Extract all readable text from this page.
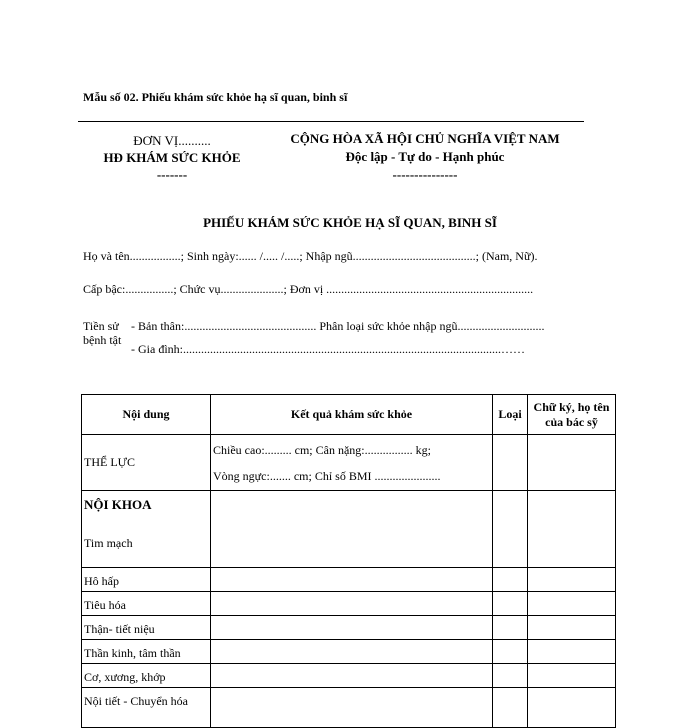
Mẫu số 02. Phiếu khám sức khỏe hạ sĩ quan, binh sĩ
ĐƠN VỊ..........
HĐ KHÁM SỨC KHỎE
-------
CỘNG HÒA XÃ HỘI CHỦ NGHĨA VIỆT NAM
Độc lập - Tự do - Hạnh phúc
---------------
PHIẾU KHÁM SỨC KHỎE HẠ SĨ QUAN, BINH SĨ
Họ và tên.................; Sinh ngày:...... /..... /.....; Nhập ngũ.........................................; (Nam, Nữ).
Cấp bậc:................; Chức vụ.....................; Đơn vị .....................................................................
Tiền sử
bệnh tật
- Bản thân:............................................ Phân loại sức khỏe nhập ngũ.............................
- Gia đình:..........................................................................................................……
Nội dung	Kết quả khám sức khỏe	Loại	Chữ ký, họ tên của bác sỹ
THỂ LỰC	Chiều cao:......... cm; Cân nặng:................ kg;
Vòng ngực:....... cm; Chỉ số BMI ......................		

NỘI KHOA
Tim mạch			

Hô hấp			
Tiêu hóa			
Thận- tiết niệu			
Thần kinh, tâm thần			
Cơ, xương, khớp			
Nội tiết - Chuyển hóa			
